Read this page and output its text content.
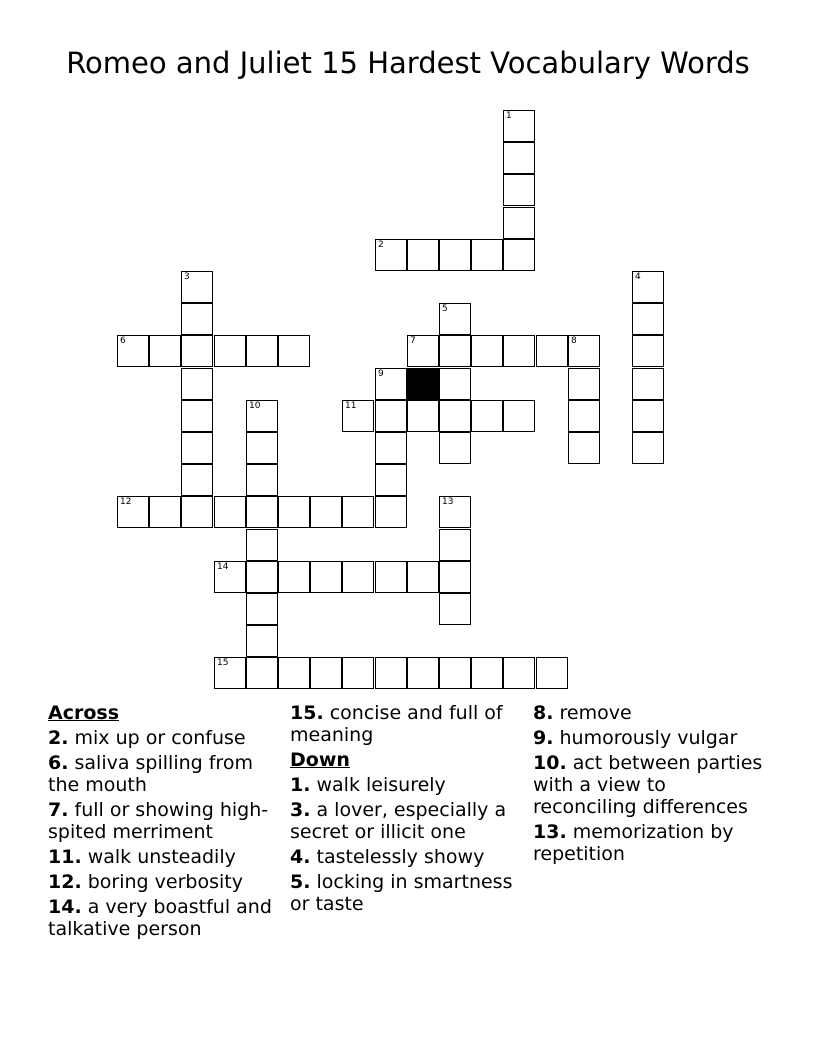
Romeo and Juliet 15 Hardest Vocabulary Words
1
2
3	4
5
6	7	8
9
10	11
12	13
14
15
Across
2. mix up or confuse
6. saliva spilling from the mouth
7. full or showing high-spited merriment
11. walk unsteadily
12. boring verbosity
14. a very boastful and talkative person
15. concise and full of meaning
Down
1. walk leisurely
3. a lover, especially a secret or illicit one
4. tastelessly showy
5. locking in smartness or taste
8. remove
9. humorously vulgar
10. act between parties with a view to reconciling differences
13. memorization by repetition
